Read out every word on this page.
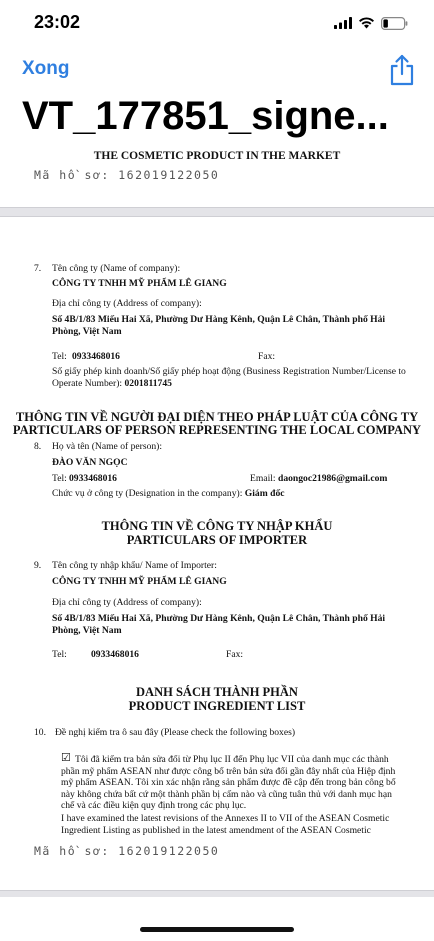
23:02
Xong
VT_177851_signe...
THE COSMETIC PRODUCT IN THE MARKET
Mã hồ sơ: 162019122050
7. Tên công ty (Name of company):
CÔNG TY TNHH MỸ PHẨM LÊ GIANG
Địa chỉ công ty (Address of company):
Số 4B/1/83 Miếu Hai Xã, Phường Dư Hàng Kênh, Quận Lê Chân, Thành phố Hải
Phòng, Việt Nam
Tel: 0933468016	Fax:
Số giấy phép kinh doanh/Số giấy phép hoạt động (Business Registration Number/License to
Operate Number): 0201811745
THÔNG TIN VỀ NGƯỜI ĐẠI DIỆN THEO PHÁP LUẬT CỦA CÔNG TY
PARTICULARS OF PERSON REPRESENTING THE LOCAL COMPANY
8. Họ và tên (Name of person):
ĐÀO VĂN NGỌC
Tel: 0933468016	Email: daongoc21986@gmail.com
Chức vụ ở công ty (Designation in the company): Giám đốc
THÔNG TIN VỀ CÔNG TY NHẬP KHẨU
PARTICULARS OF IMPORTER
9. Tên công ty nhập khẩu/ Name of Importer:
CÔNG TY TNHH MỸ PHẨM LÊ GIANG
Địa chỉ công ty (Address of company):
Số 4B/1/83 Miếu Hai Xã, Phường Dư Hàng Kênh, Quận Lê Chân, Thành phố Hải
Phòng, Việt Nam
Tel:	0933468016	Fax:
DANH SÁCH THÀNH PHẦN
PRODUCT INGREDIENT LIST
10. Đề nghị kiểm tra ô sau đây (Please check the following boxes)
☑ Tôi đã kiểm tra bản sửa đổi từ Phụ lục II đến Phụ lục VII của danh mục các thành
phần mỹ phẩm ASEAN như được công bố trên bản sửa đổi gần đây nhất của Hiệp định
mỹ phẩm ASEAN. Tôi xin xác nhận rằng sản phẩm được đề cập đến trong bản công bố
này không chứa bất cứ một thành phần bị cấm nào và cũng tuân thủ với danh mục hạn
chế và các điều kiện quy định trong các phụ lục.
I have examined the latest revisions of the Annexes II to VII of the ASEAN Cosmetic
Ingredient Listing as published in the latest amendment of the ASEAN Cosmetic
Mã hồ sơ: 162019122050
